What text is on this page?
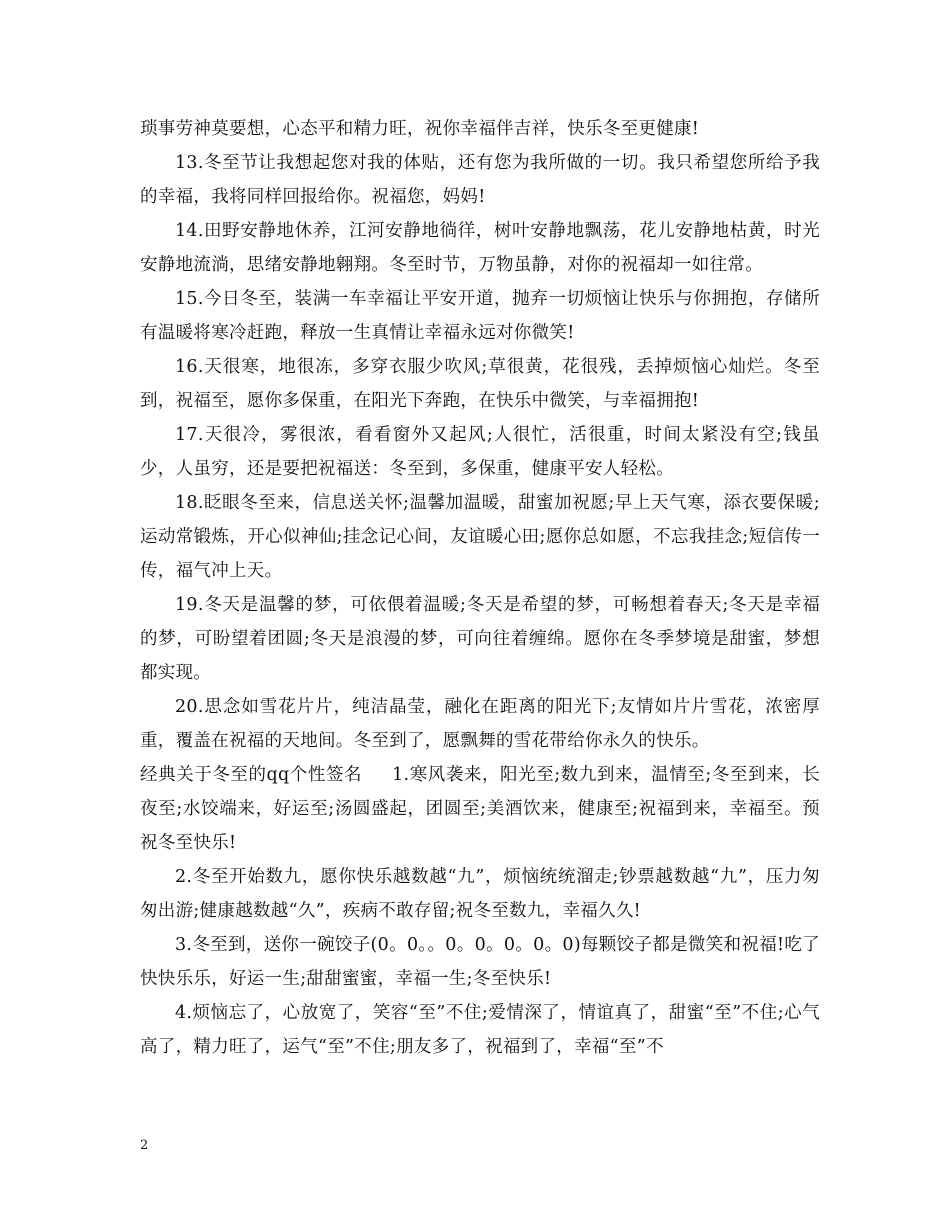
琐事劳神莫要想，心态平和精力旺，祝你幸福伴吉祥，快乐冬至更健康!

13.冬至节让我想起您对我的体贴，还有您为我所做的一切。我只希望您所给予我的幸福，我将同样回报给你。祝福您，妈妈!

14.田野安静地休养，江河安静地徜徉，树叶安静地飘荡，花儿安静地枯黄，时光安静地流淌，思绪安静地翱翔。冬至时节，万物虽静，对你的祝福却一如往常。

15.今日冬至，装满一车幸福让平安开道，抛弃一切烦恼让快乐与你拥抱，存储所有温暖将寒冷赶跑，释放一生真情让幸福永远对你微笑!

16.天很寒，地很冻，多穿衣服少吹风;草很黄，花很残，丢掉烦恼心灿烂。冬至到，祝福至，愿你多保重，在阳光下奔跑，在快乐中微笑，与幸福拥抱!

17.天很冷，雾很浓，看看窗外又起风;人很忙，活很重，时间太紧没有空;钱虽少，人虽穷，还是要把祝福送：冬至到，多保重，健康平安人轻松。

18.眨眼冬至来，信息送关怀;温馨加温暖，甜蜜加祝愿;早上天气寒，添衣要保暖;运动常锻炼，开心似神仙;挂念记心间，友谊暖心田;愿你总如愿，不忘我挂念;短信传一传，福气冲上天。

19.冬天是温馨的梦，可依偎着温暖;冬天是希望的梦，可畅想着春天;冬天是幸福的梦，可盼望着团圆;冬天是浪漫的梦，可向往着缠绵。愿你在冬季梦境是甜蜜，梦想都实现。

20.思念如雪花片片，纯洁晶莹，融化在距离的阳光下;友情如片片雪花，浓密厚重，覆盖在祝福的天地间。冬至到了，愿飘舞的雪花带给你永久的快乐。

经典关于冬至的qq个性签名 1.寒风袭来，阳光至;数九到来，温情至;冬至到来，长夜至;水饺端来，好运至;汤圆盛起，团圆至;美酒饮来，健康至;祝福到来，幸福至。预祝冬至快乐!

2.冬至开始数九，愿你快乐越数越“九”，烦恼统统溜走;钞票越数越“九”，压力匆匆出游;健康越数越“久”，疾病不敢存留;祝冬至数九，幸福久久!

3.冬至到，送你一碗饺子(0。0。。0。0。0。0。0)每颗饺子都是微笑和祝福!吃了快快乐乐，好运一生;甜甜蜜蜜，幸福一生;冬至快乐!

4.烦恼忘了，心放宽了，笑容“至”不住;爱情深了，情谊真了，甜蜜“至”不住;心气高了，精力旺了，运气“至”不住;朋友多了，祝福到了，幸福“至”不

2
